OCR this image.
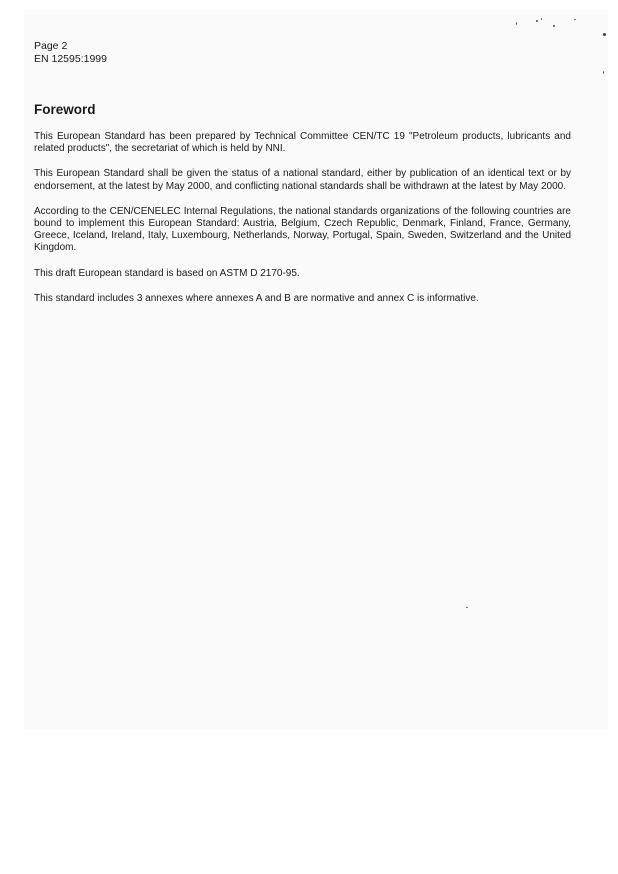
Page 2
EN 12595:1999
Foreword

This European Standard has been prepared by Technical Committee CEN/TC 19 "Petroleum products, lubricants and related products", the secretariat of which is held by NNI.

This European Standard shall be given the status of a national standard, either by publication of an identical text or by endorsement, at the latest by May 2000, and conflicting national standards shall be withdrawn at the latest by May 2000.

According to the CEN/CENELEC Internal Regulations, the national standards organizations of the following countries are bound to implement this European Standard: Austria, Belgium, Czech Republic, Denmark, Finland, France, Germany, Greece, Iceland, Ireland, Italy, Luxembourg, Netherlands, Norway, Portugal, Spain, Sweden, Switzerland and the United Kingdom.

This draft European standard is based on ASTM D 2170-95.

This standard includes 3 annexes where annexes A and B are normative and annex C is informative.
